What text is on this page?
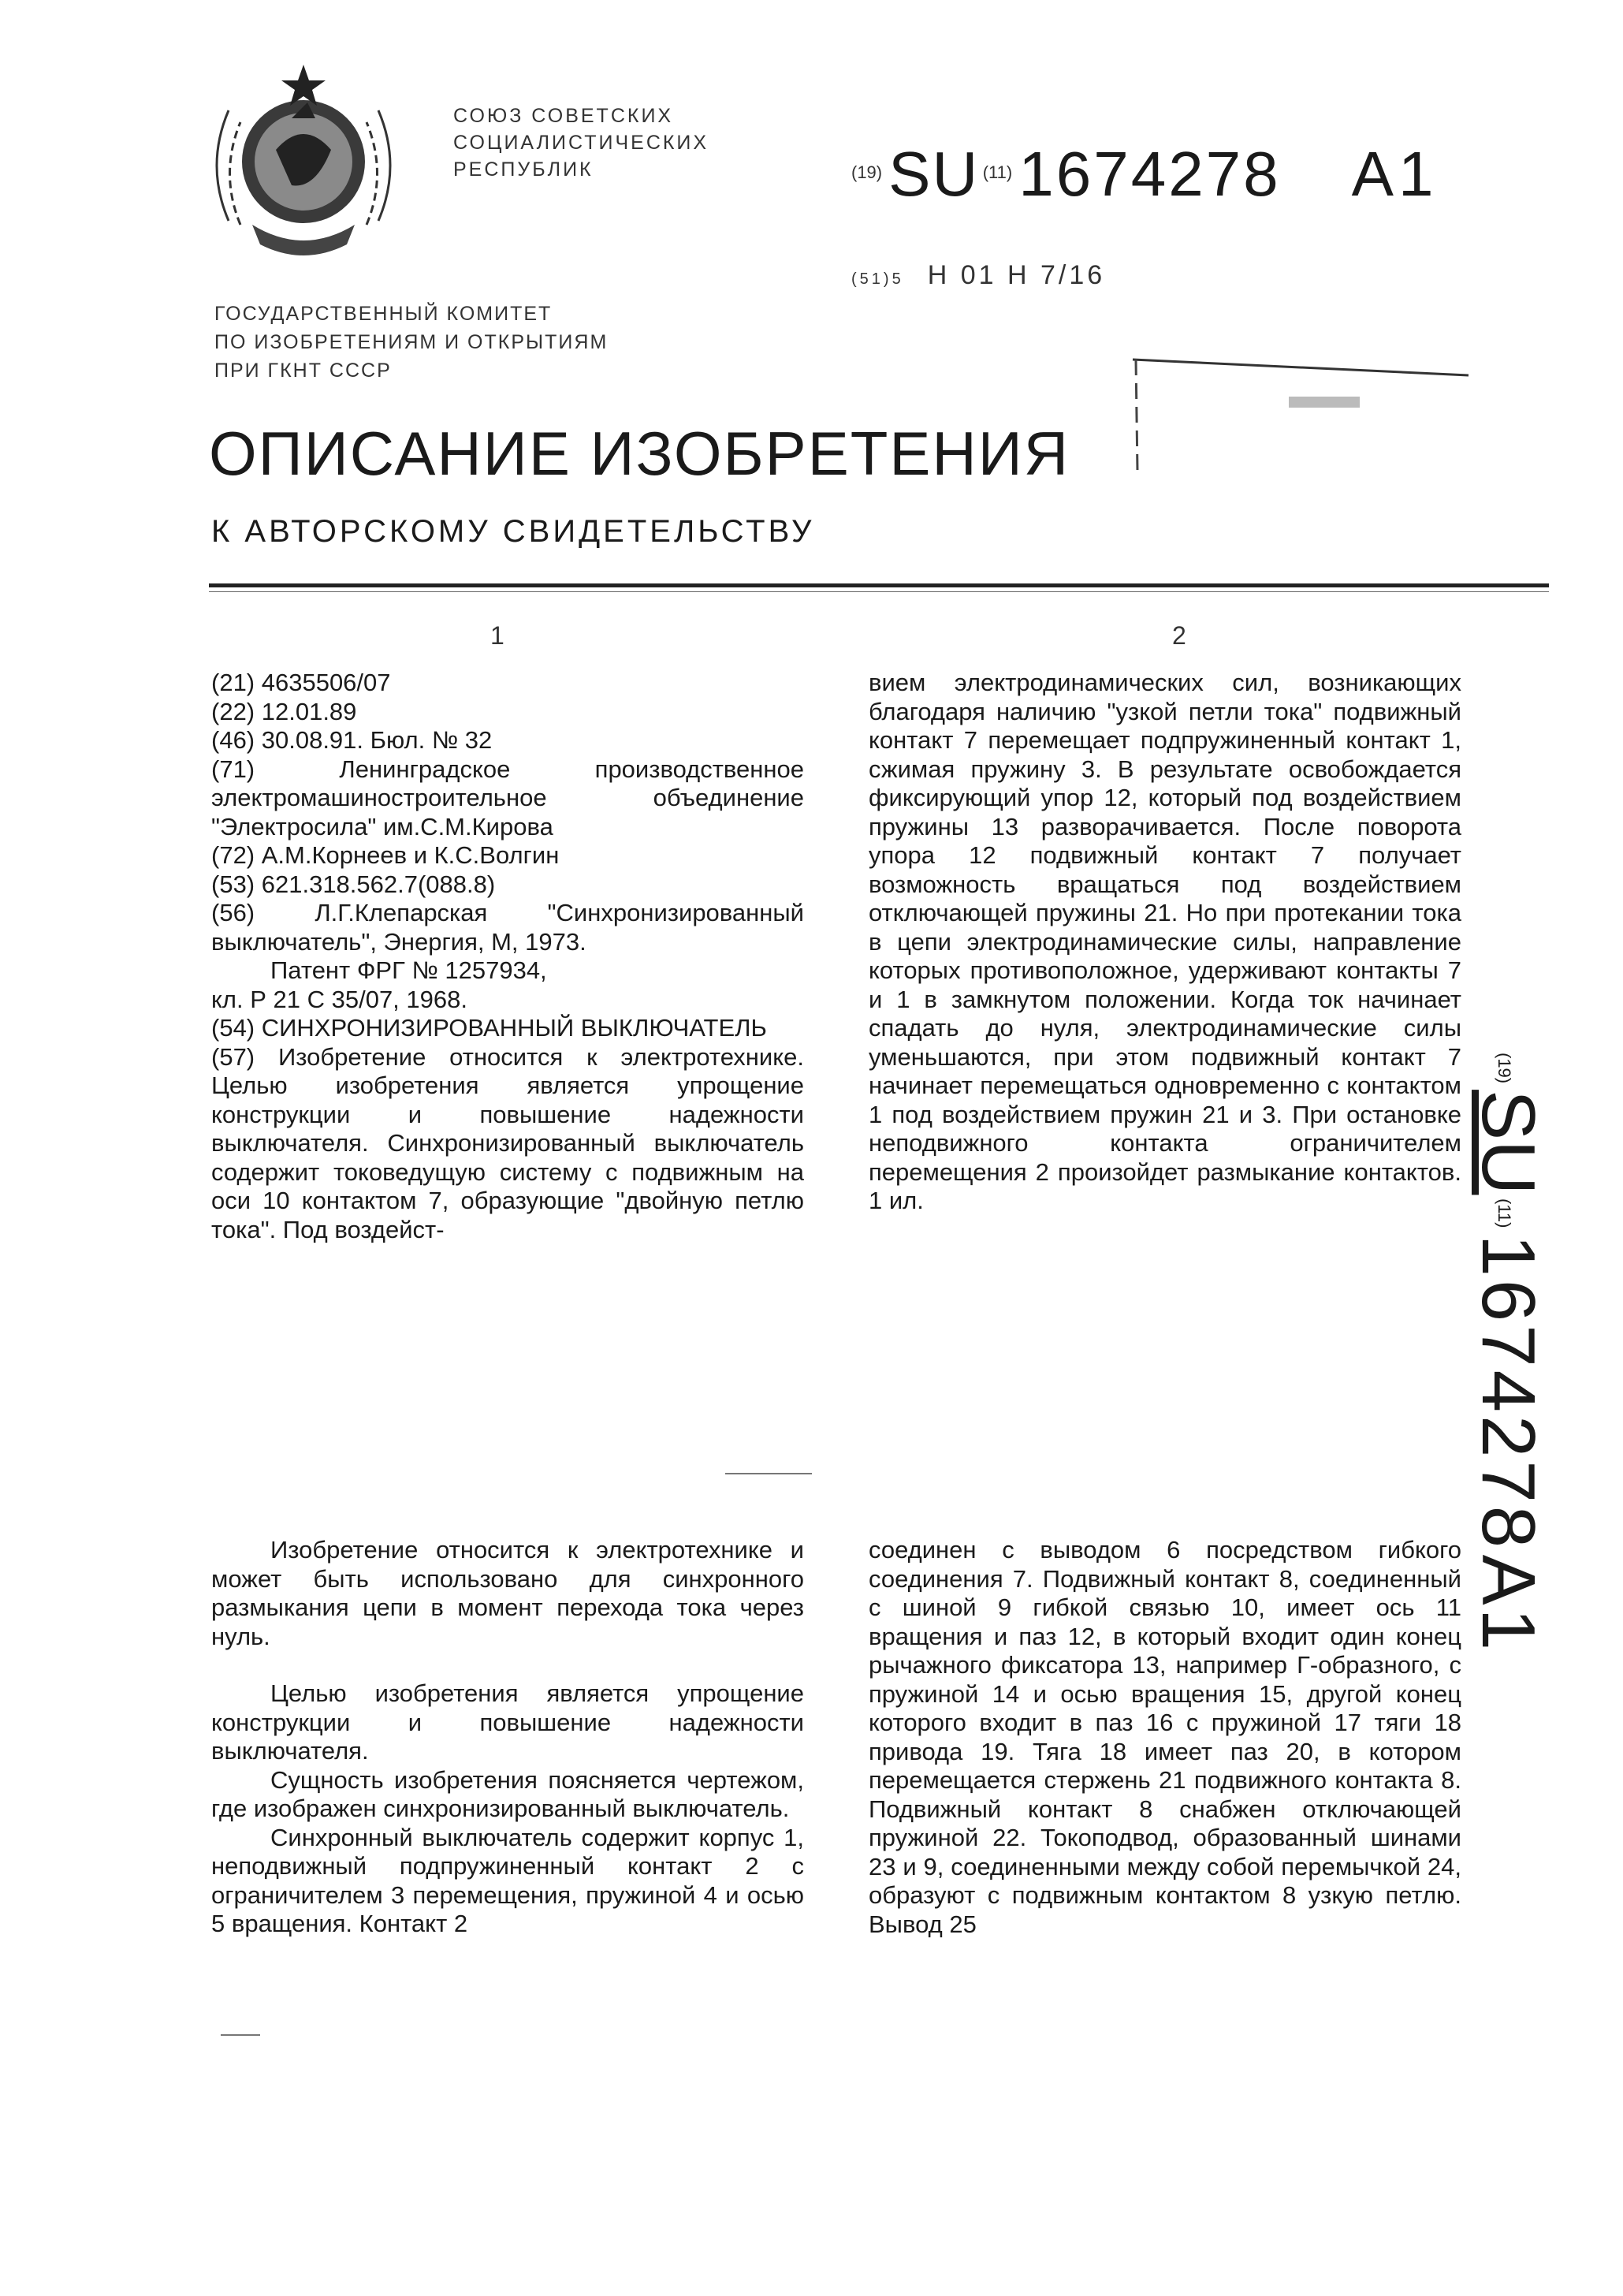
СОЮЗ СОВЕТСКИХ
СОЦИАЛИСТИЧЕСКИХ
РЕСПУБЛИК	(19) SU (11) 1674278 A1
(51)5 H 01 H 7/16
ГОСУДАРСТВЕННЫЙ КОМИТЕТ
ПО ИЗОБРЕТЕНИЯМ И ОТКРЫТИЯМ
ПРИ ГКНТ СССР
ОПИСАНИЕ ИЗОБРЕТЕНИЯ
К АВТОРСКОМУ СВИДЕТЕЛЬСТВУ
1	2

(21) 4635506/07

(22) 12.01.89

(46) 30.08.91. Бюл. № 32

(71) Ленинградское производственное электромашиностроительное объединение "Электросила" им.С.М.Кирова

(72) А.М.Корнеев и К.С.Волгин

(53) 621.318.562.7(088.8)

(56) Л.Г.Клепарская "Синхронизированный выключатель", Энергия, М, 1973.

Патент ФРГ № 1257934,

кл. Р 21 С 35/07, 1968.

(54) СИНХРОНИЗИРОВАННЫЙ ВЫКЛЮЧАТЕЛЬ

(57) Изобретение относится к электротехнике. Целью изобретения является упрощение конструкции и повышение надежности выключателя. Синхронизированный выключатель содержит токоведущую систему с подвижным на оси 10 контактом 7, образующие "двойную петлю тока". Под воздейст-

вием электродинамических сил, возникающих благодаря наличию "узкой петли тока" подвижный контакт 7 перемещает подпружиненный контакт 1, сжимая пружину 3. В результате освобождается фиксирующий упор 12, который под воздействием пружины 13 разворачивается. После поворота упора 12 подвижный контакт 7 получает возможность вращаться под воздействием отключающей пружины 21. Но при протекании тока в цепи электродинамические силы, направление которых противоположное, удерживают контакты 7 и 1 в замкнутом положении. Когда ток начинает спадать до нуля, электродинамические силы уменьшаются, при этом подвижный контакт 7 начинает перемещаться одновременно с контактом 1 под воздействием пружин 21 и 3. При остановке неподвижного контакта ограничителем перемещения 2 произойдет размыкание контактов. 1 ил.

Изобретение относится к электротехнике и может быть использовано для синхронного размыкания цепи в момент перехода тока через нуль.

Целью изобретения является упрощение конструкции и повышение надежности выключателя.

Сущность изобретения поясняется чертежом, где изображен синхронизированный выключатель.

Синхронный выключатель содержит корпус 1, неподвижный подпружиненный контакт 2 с ограничителем 3 перемещения, пружиной 4 и осью 5 вращения. Контакт 2

соединен с выводом 6 посредством гибкого соединения 7. Подвижный контакт 8, соединенный с шиной 9 гибкой связью 10, имеет ось 11 вращения и паз 12, в который входит один конец рычажного фиксатора 13, например Г-образного, с пружиной 14 и осью вращения 15, другой конец которого входит в паз 16 с пружиной 17 тяги 18 привода 19. Тяга 18 имеет паз 20, в котором перемещается стержень 21 подвижного контакта 8. Подвижный контакт 8 снабжен отключающей пружиной 22. Токоподвод, образованный шинами 23 и 9, соединенными между собой перемычкой 24, образуют с подвижным контактом 8 узкую петлю. Вывод 25

(19)SU (11)1674278 A1
